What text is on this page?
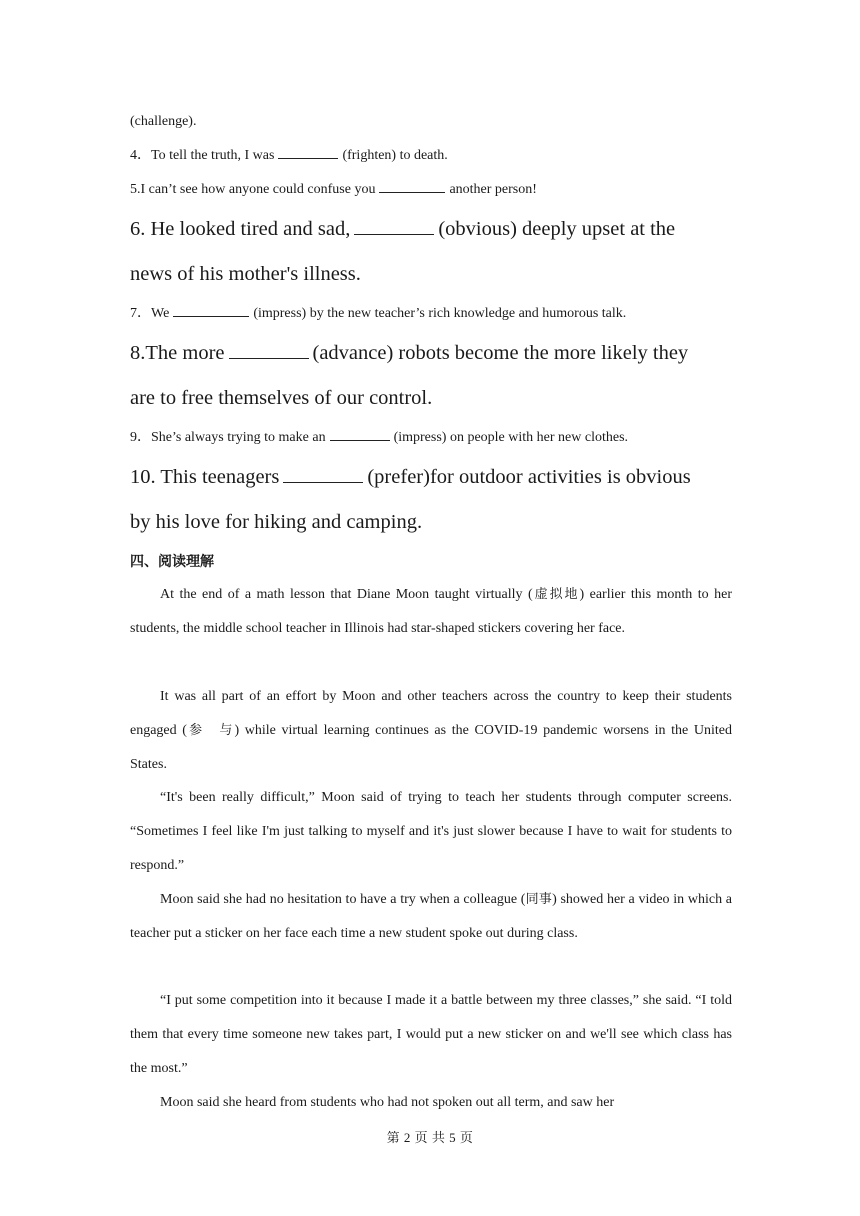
(challenge).
4．To tell the truth, I was	(frighten) to death.
5.I can’t see how anyone could confuse you	another person!
6. He looked tired and sad,	(obvious) deeply upset at the
news of his mother's illness.
7．We	(impress) by the new teacher’s rich knowledge and humorous talk.
8.The more	(advance) robots become the more likely they
are to free themselves of our control.
9．She’s always trying to make an	(impress) on people with her new clothes.
10. This teenagers	(prefer)for outdoor activities is obvious
by his love for hiking and camping.
四、阅读理解
At the end of a math lesson that Diane Moon taught virtually (虚拟地) earlier this month to her students, the middle school teacher in Illinois had star-shaped stickers covering her face.
It was all part of an effort by Moon and other teachers across the country to keep their students engaged (参　与) while virtual learning continues as the COVID-19 pandemic worsens in the United States.
“It's been really difficult,” Moon said of trying to teach her students through computer screens. “Sometimes I feel like I'm just talking to myself and it's just slower because I have to wait for students to respond.”
Moon said she had no hesitation to have a try when a colleague (同事) showed her a video in which a teacher put a sticker on her face each time a new student spoke out during class.
“I put some competition into it because I made it a battle between my three classes,” she said. “I told them that every time someone new takes part, I would put a new sticker on and we'll see which class has the most.”
Moon said she heard from students who had not spoken out all term, and saw her
第 2 页 共 5 页
